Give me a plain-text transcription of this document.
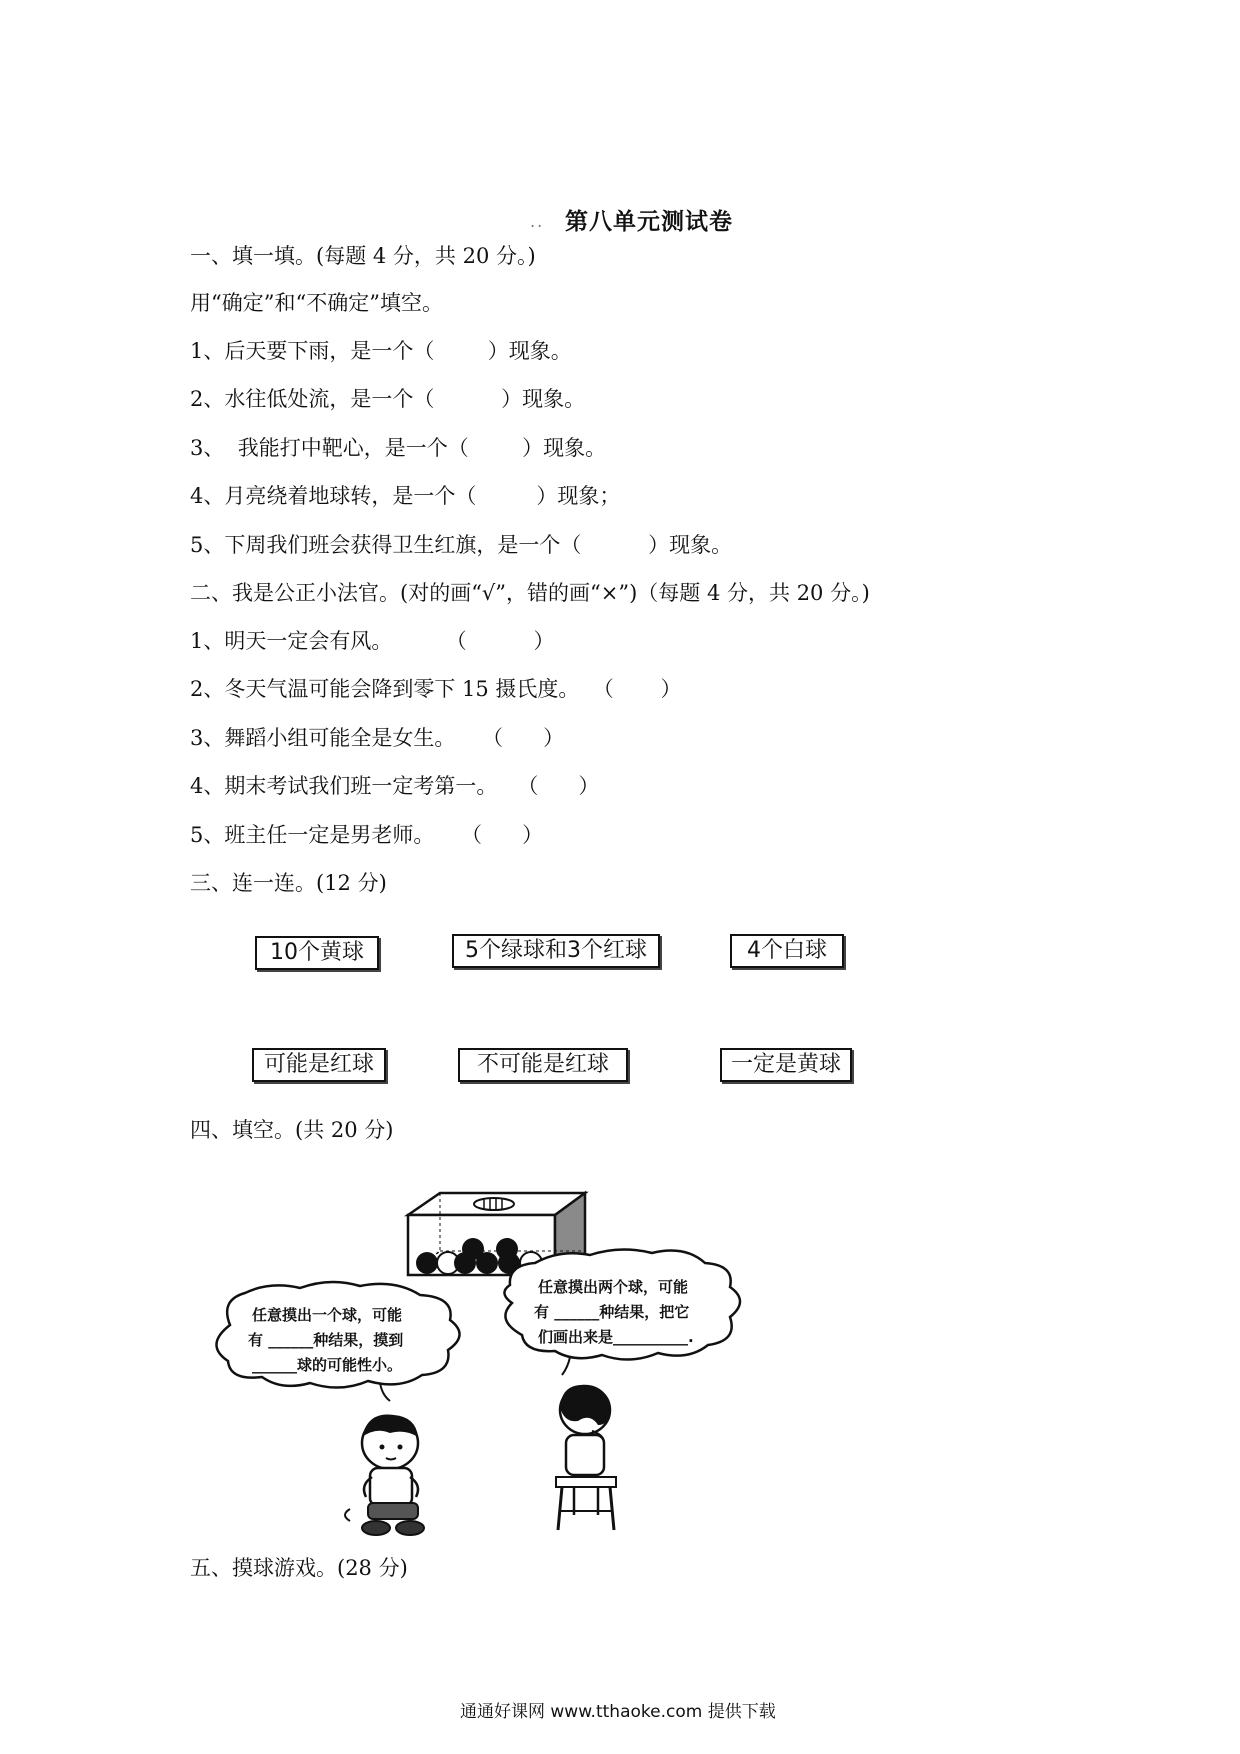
.. 第八单元测试卷
一、填一填。(每题 4 分，共 20 分。)
用“确定”和“不确定”填空。
1、后天要下雨，是一个（        ）现象。
2、水往低处流，是一个（          ）现象。
3、  我能打中靶心，是一个（        ）现象。
4、月亮绕着地球转，是一个（         ）现象；
5、下周我们班会获得卫生红旗，是一个（          ）现象。
二、我是公正小法官。(对的画“√”，错的画“×”)（每题 4 分，共 20 分。)
1、明天一定会有风。        （          ）
2、冬天气温可能会降到零下 15 摄氏度。  （       ）
3、舞蹈小组可能全是女生。    （      ）
4、期末考试我们班一定考第一。   （      ）
5、班主任一定是男老师。    （      ）
三、连一连。(12 分)
10个黄球	5个绿球和3个红球	4个白球
可能是红球	不可能是红球	一定是黄球
四、填空。(共 20 分)
任意摸出一个球，可能
有 ______种结果，摸到
______球的可能性小。
任意摸出两个球，可能
有 ______种结果，把它
们画出来是__________.
五、摸球游戏。(28 分)
通通好课网 www.tthaoke.com 提供下载
